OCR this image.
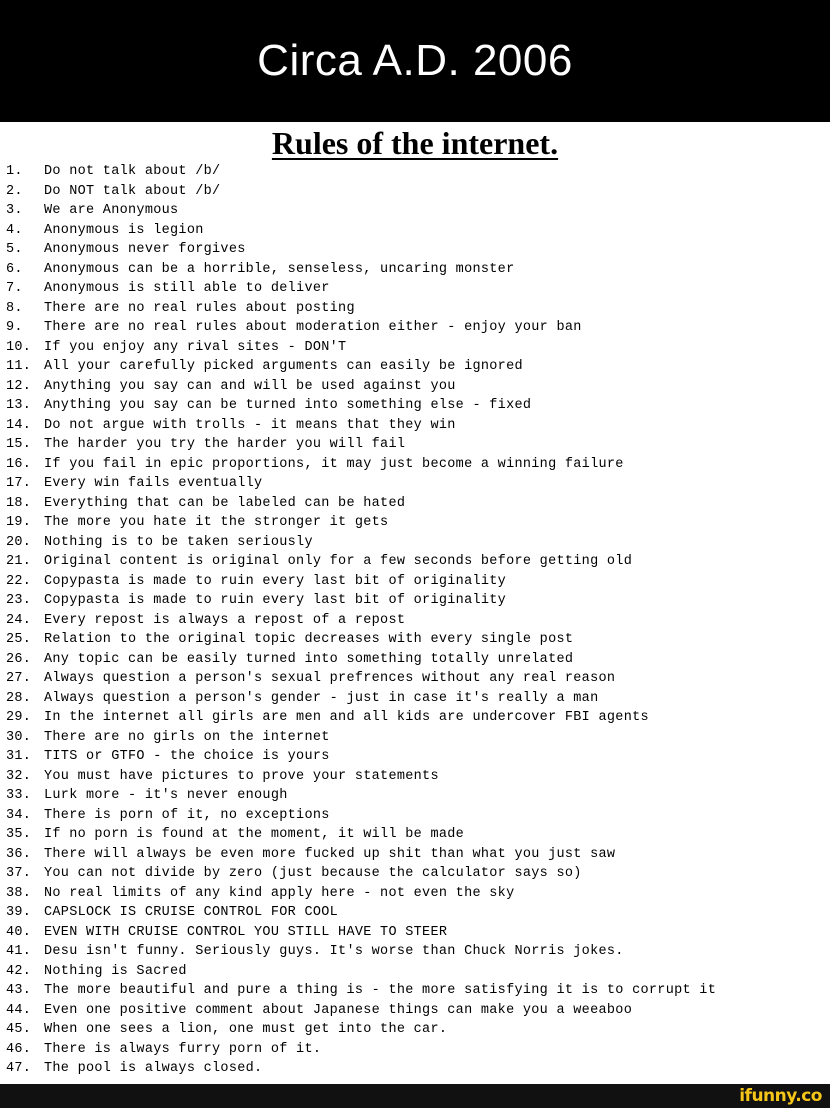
Circa A.D. 2006
Rules of the internet.
1. Do not talk about /b/
2. Do NOT talk about /b/
3. We are Anonymous
4. Anonymous is legion
5. Anonymous never forgives
6. Anonymous can be a horrible, senseless, uncaring monster
7. Anonymous is still able to deliver
8. There are no real rules about posting
9. There are no real rules about moderation either - enjoy your ban
10. If you enjoy any rival sites - DON'T
11. All your carefully picked arguments can easily be ignored
12. Anything you say can and will be used against you
13. Anything you say can be turned into something else - fixed
14. Do not argue with trolls - it means that they win
15. The harder you try the harder you will fail
16. If you fail in epic proportions, it may just become a winning failure
17. Every win fails eventually
18. Everything that can be labeled can be hated
19. The more you hate it the stronger it gets
20. Nothing is to be taken seriously
21. Original content is original only for a few seconds before getting old
22. Copypasta is made to ruin every last bit of originality
23. Copypasta is made to ruin every last bit of originality
24. Every repost is always a repost of a repost
25. Relation to the original topic decreases with every single post
26. Any topic can be easily turned into something totally unrelated
27. Always question a person's sexual prefrences without any real reason
28. Always question a person's gender - just in case it's really a man
29. In the internet all girls are men and all kids are undercover FBI agents
30. There are no girls on the internet
31. TITS or GTFO - the choice is yours
32. You must have pictures to prove your statements
33. Lurk more - it's never enough
34. There is porn of it, no exceptions
35. If no porn is found at the moment, it will be made
36. There will always be even more fucked up shit than what you just saw
37. You can not divide by zero (just because the calculator says so)
38. No real limits of any kind apply here - not even the sky
39. CAPSLOCK IS CRUISE CONTROL FOR COOL
40. EVEN WITH CRUISE CONTROL YOU STILL HAVE TO STEER
41. Desu isn't funny. Seriously guys. It's worse than Chuck Norris jokes.
42. Nothing is Sacred
43. The more beautiful and pure a thing is - the more satisfying it is to corrupt it
44. Even one positive comment about Japanese things can make you a weeaboo
45. When one sees a lion, one must get into the car.
46. There is always furry porn of it.
47. The pool is always closed.
ifunny.co
